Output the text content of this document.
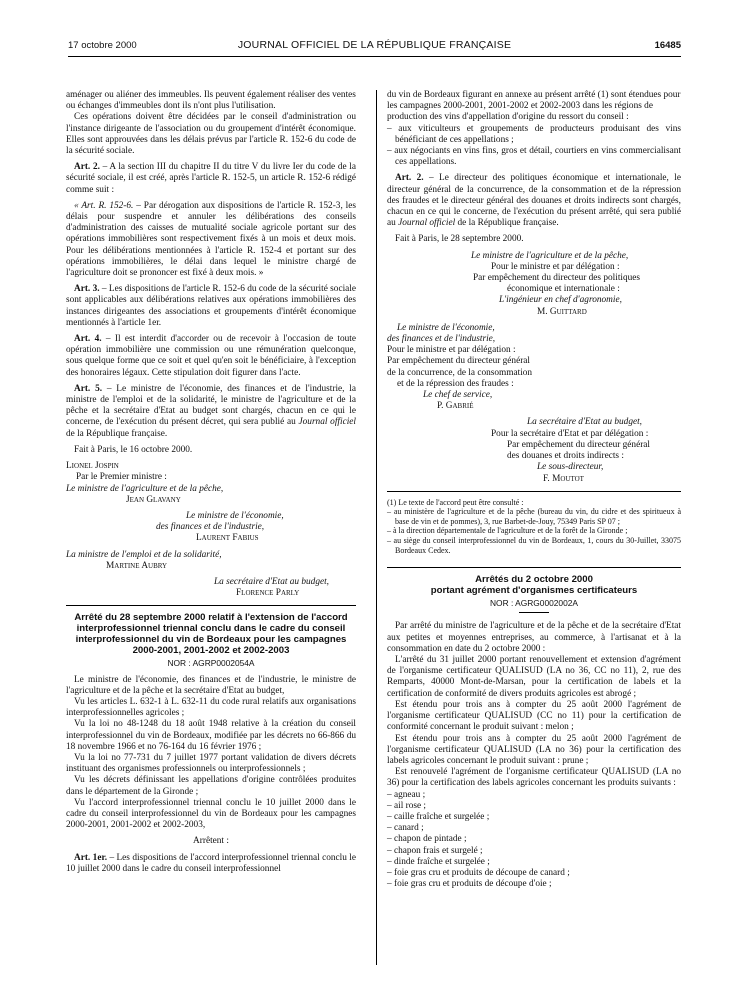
17 octobre 2000	JOURNAL OFFICIEL DE LA RÉPUBLIQUE FRANÇAISE	16485

aménager ou aliéner des immeubles. Ils peuvent également réaliser des ventes ou échanges d'immeubles dont ils n'ont plus l'utilisation.

Ces opérations doivent être décidées par le conseil d'administration ou l'instance dirigeante de l'association ou du groupement d'intérêt économique. Elles sont approuvées dans les délais prévus par l'article R. 152-6 du code de la sécurité sociale.

Art. 2. – A la section III du chapitre II du titre V du livre Ier du code de la sécurité sociale, il est créé, après l'article R. 152-5, un article R. 152-6 rédigé comme suit :

« Art. R. 152-6. – Par dérogation aux dispositions de l'article R. 152-3, les délais pour suspendre et annuler les délibérations des conseils d'administration des caisses de mutualité sociale agricole portant sur des opérations immobilières sont respectivement fixés à un mois et deux mois. Pour les délibérations mentionnées à l'article R. 152-4 et portant sur des opérations immobilières, le délai dans lequel le ministre chargé de l'agriculture doit se prononcer est fixé à deux mois. »

Art. 3. – Les dispositions de l'article R. 152-6 du code de la sécurité sociale sont applicables aux délibérations relatives aux opérations immobilières des instances dirigeantes des associations et groupements d'intérêt économique mentionnés à l'article 1er.

Art. 4. – Il est interdit d'accorder ou de recevoir à l'occasion de toute opération immobilière une commission ou une rémunération quelconque, sous quelque forme que ce soit et quel qu'en soit le bénéficiaire, à l'exception des honoraires légaux. Cette stipulation doit figurer dans l'acte.

Art. 5. – Le ministre de l'économie, des finances et de l'industrie, la ministre de l'emploi et de la solidarité, le ministre de l'agriculture et de la pêche et la secrétaire d'Etat au budget sont chargés, chacun en ce qui le concerne, de l'exécution du présent décret, qui sera publié au Journal officiel de la République française.

Fait à Paris, le 16 octobre 2000.

Lionel Jospin

Par le Premier ministre :

Le ministre de l'agriculture et de la pêche,

Jean Glavany

Le ministre de l'économie,

des finances et de l'industrie,

Laurent Fabius

La ministre de l'emploi et de la solidarité,

Martine Aubry

La secrétaire d'Etat au budget,

Florence Parly

Arrêté du 28 septembre 2000 relatif à l'extension de l'accord interprofessionnel triennal conclu dans le cadre du conseil interprofessionnel du vin de Bordeaux pour les campagnes 2000-2001, 2001-2002 et 2002-2003

NOR : AGRP0002054A

Le ministre de l'économie, des finances et de l'industrie, le ministre de l'agriculture et de la pêche et la secrétaire d'Etat au budget,

Vu les articles L. 632-1 à L. 632-11 du code rural relatifs aux organisations interprofessionnelles agricoles ;

Vu la loi no 48-1248 du 18 août 1948 relative à la création du conseil interprofessionnel du vin de Bordeaux, modifiée par les décrets no 66-866 du 18 novembre 1966 et no 76-164 du 16 février 1976 ;

Vu la loi no 77-731 du 7 juillet 1977 portant validation de divers décrets instituant des organismes professionnels ou interprofessionnels ;

Vu les décrets définissant les appellations d'origine contrôlées produites dans le département de la Gironde ;

Vu l'accord interprofessionnel triennal conclu le 10 juillet 2000 dans le cadre du conseil interprofessionnel du vin de Bordeaux pour les campagnes 2000-2001, 2001-2002 et 2002-2003,

Arrêtent :

Art. 1er. – Les dispositions de l'accord interprofessionnel triennal conclu le 10 juillet 2000 dans le cadre du conseil interprofessionnel

du vin de Bordeaux figurant en annexe au présent arrêté (1) sont étendues pour les campagnes 2000-2001, 2001-2002 et 2002-2003 dans les régions de production des vins d'appellation d'origine du ressort du conseil :

– aux viticulteurs et groupements de producteurs produisant des vins bénéficiant de ces appellations ;
– aux négociants en vins fins, gros et détail, courtiers en vins commercialisant ces appellations.

Art. 2. – Le directeur des politiques économique et internationale, le directeur général de la concurrence, de la consommation et de la répression des fraudes et le directeur général des douanes et droits indirects sont chargés, chacun en ce qui le concerne, de l'exécution du présent arrêté, qui sera publié au Journal officiel de la République française.

Fait à Paris, le 28 septembre 2000.

Le ministre de l'agriculture et de la pêche,

Pour le ministre et par délégation :

Par empêchement du directeur des politiques

économique et internationale :

L'ingénieur en chef d'agronomie,

M. Guittard

Le ministre de l'économie,

des finances et de l'industrie,

Pour le ministre et par délégation :

Par empêchement du directeur général

de la concurrence, de la consommation

et de la répression des fraudes :

Le chef de service,

P. Gabrié

La secrétaire d'Etat au budget,

Pour la secrétaire d'Etat et par délégation :

Par empêchement du directeur général

des douanes et droits indirects :

Le sous-directeur,

F. Moutot

(1) Le texte de l'accord peut être consulté :

– au ministère de l'agriculture et de la pêche (bureau du vin, du cidre et des spiritueux à base de vin et de pommes), 3, rue Barbet-de-Jouy, 75349 Paris SP 07 ;
– à la direction départementale de l'agriculture et de la forêt de la Gironde ;
– au siège du conseil interprofessionnel du vin de Bordeaux, 1, cours du 30-Juillet, 33075 Bordeaux Cedex.

Arrêtés du 2 octobre 2000

portant agrément d'organismes certificateurs

NOR : AGRG0002002A

Par arrêté du ministre de l'agriculture et de la pêche et de la secrétaire d'Etat aux petites et moyennes entreprises, au commerce, à l'artisanat et à la consommation en date du 2 octobre 2000 :

L'arrêté du 31 juillet 2000 portant renouvellement et extension d'agrément de l'organisme certificateur QUALISUD (LA no 36, CC no 11), 2, rue des Remparts, 40000 Mont-de-Marsan, pour la certification de labels et la certification de conformité de divers produits agricoles est abrogé ;

Est étendu pour trois ans à compter du 25 août 2000 l'agrément de l'organisme certificateur QUALISUD (CC no 11) pour la certification de conformité concernant le produit suivant : melon ;

Est étendu pour trois ans à compter du 25 août 2000 l'agrément de l'organisme certificateur QUALISUD (LA no 36) pour la certification des labels agricoles concernant le produit suivant : prune ;

Est renouvelé l'agrément de l'organisme certificateur QUALISUD (LA no 36) pour la certification des labels agricoles concernant les produits suivants :

– agneau ;
– ail rose ;
– caille fraîche et surgelée ;
– canard ;
– chapon de pintade ;
– chapon frais et surgelé ;
– dinde fraîche et surgelée ;
– foie gras cru et produits de découpe de canard ;
– foie gras cru et produits de découpe d'oie ;
